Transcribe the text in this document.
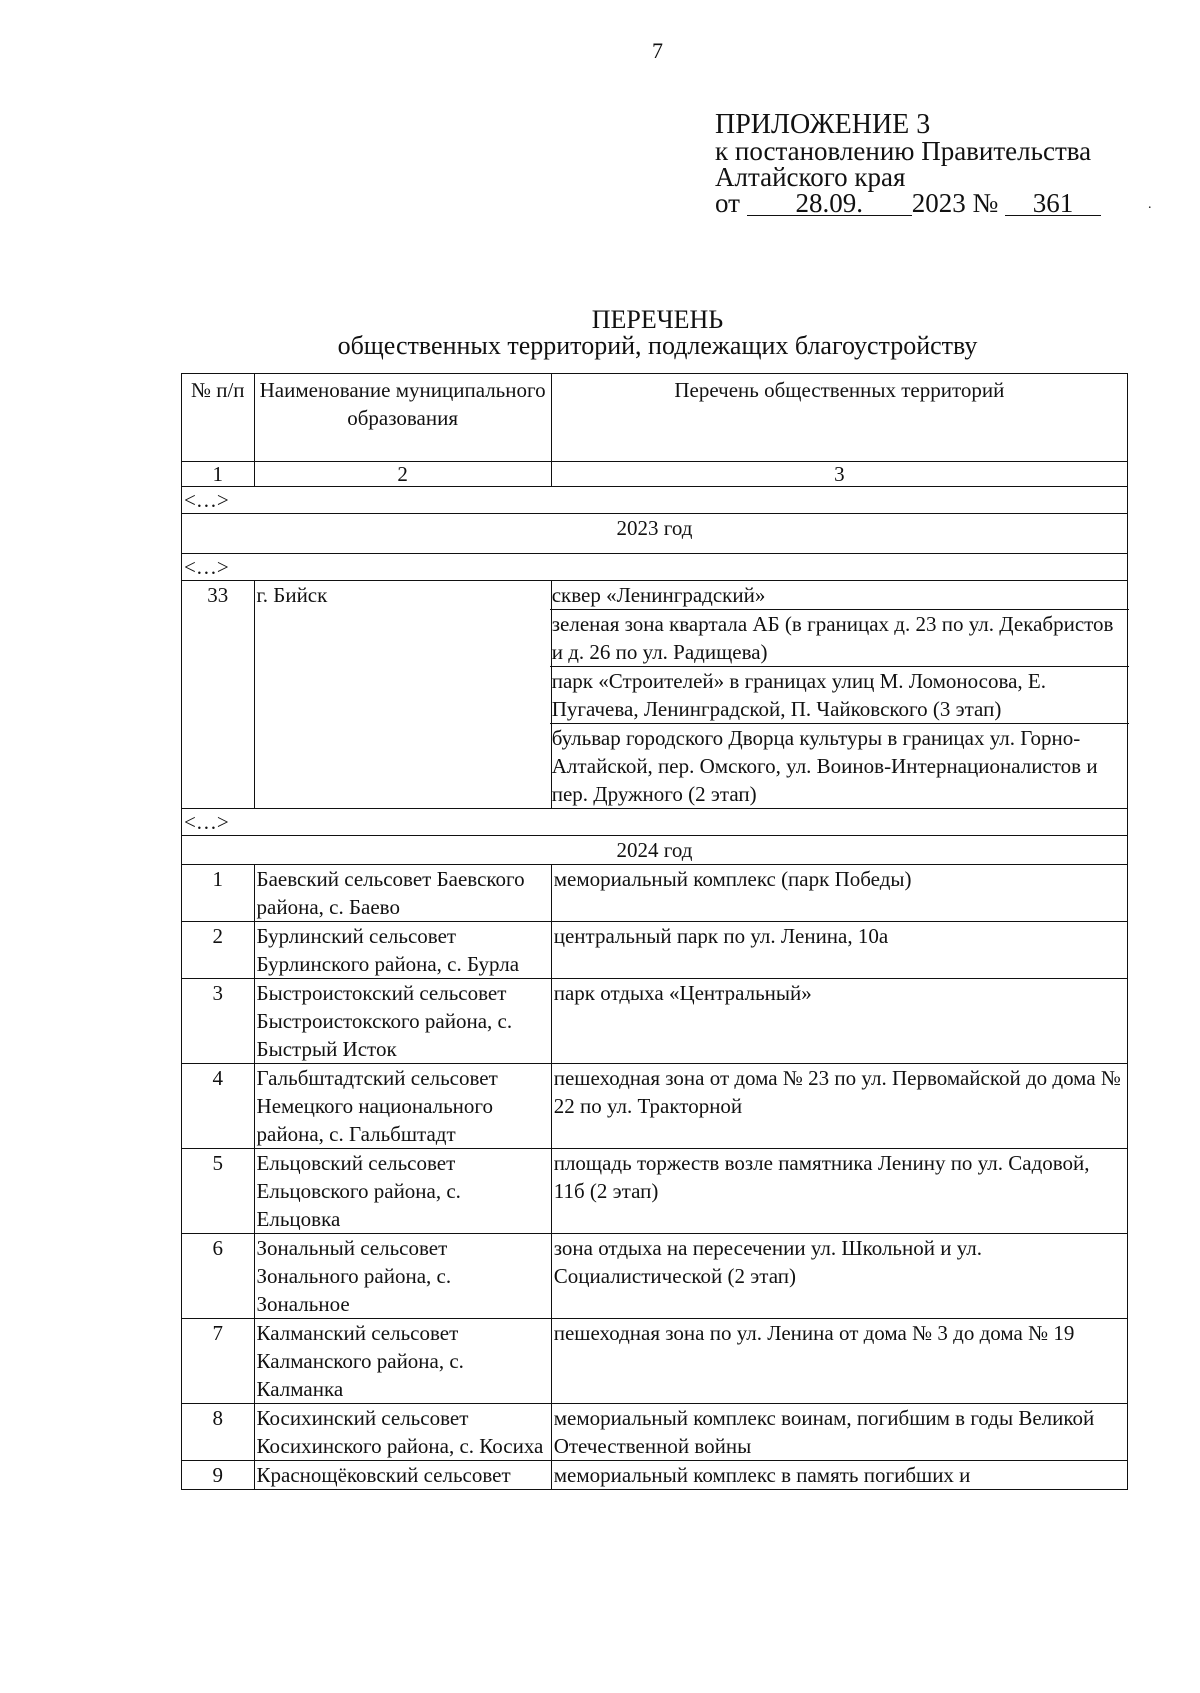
7
ПРИЛОЖЕНИЕ 3
к постановлению Правительства
Алтайского края
от 28.09. 2023 № 361	.
ПЕРЕЧЕНЬ
общественных территорий, подлежащих благоустройству
№ п/п	Наименование муниципального образования	Перечень общественных территорий
1	2	3
<…>		
2023 год		
<…>		
33	г. Бийск	сквер «Ленинградский»
зеленая зона квартала АБ (в границах д. 23 по ул. Декабристов и д. 26 по ул. Радищева)
парк «Строителей» в границах улиц М. Ломоносова, Е. Пугачева, Ленинградской, П. Чайковского (3 этап)
бульвар городского Дворца культуры в границах ул. Горно-Алтайской, пер. Омского, ул. Воинов-Интернационалистов и пер. Дружного (2 этап)

<…>		
2024 год		
1	Баевский сельсовет Баевского района, с. Баево	мемориальный комплекс (парк Победы)
2	Бурлинский сельсовет Бурлинского района, с. Бурла	центральный парк по ул. Ленина, 10а
3	Быстроистокский сельсовет Быстроистокского района, с. Быстрый Исток	парк отдыха «Центральный»
4	Гальбштадтский сельсовет Немецкого национального района, с. Гальбштадт	пешеходная зона от дома № 23 по ул. Первомайской до дома № 22 по ул. Тракторной
5	Ельцовский сельсовет Ельцовского района, с. Ельцовка	площадь торжеств возле памятника Ленину по ул. Садовой, 11б (2 этап)
6	Зональный сельсовет Зонального района, с. Зональное	зона отдыха на пересечении ул. Школьной и ул. Социалистической (2 этап)
7	Калманский сельсовет Калманского района, с. Калманка	пешеходная зона по ул. Ленина от дома № 3 до дома № 19
8	Косихинский сельсовет Косихинского района, с. Косиха	мемориальный комплекс воинам, погибшим в годы Великой Отечественной войны
9	Краснощёковский сельсовет	мемориальный комплекс в память погибших и
